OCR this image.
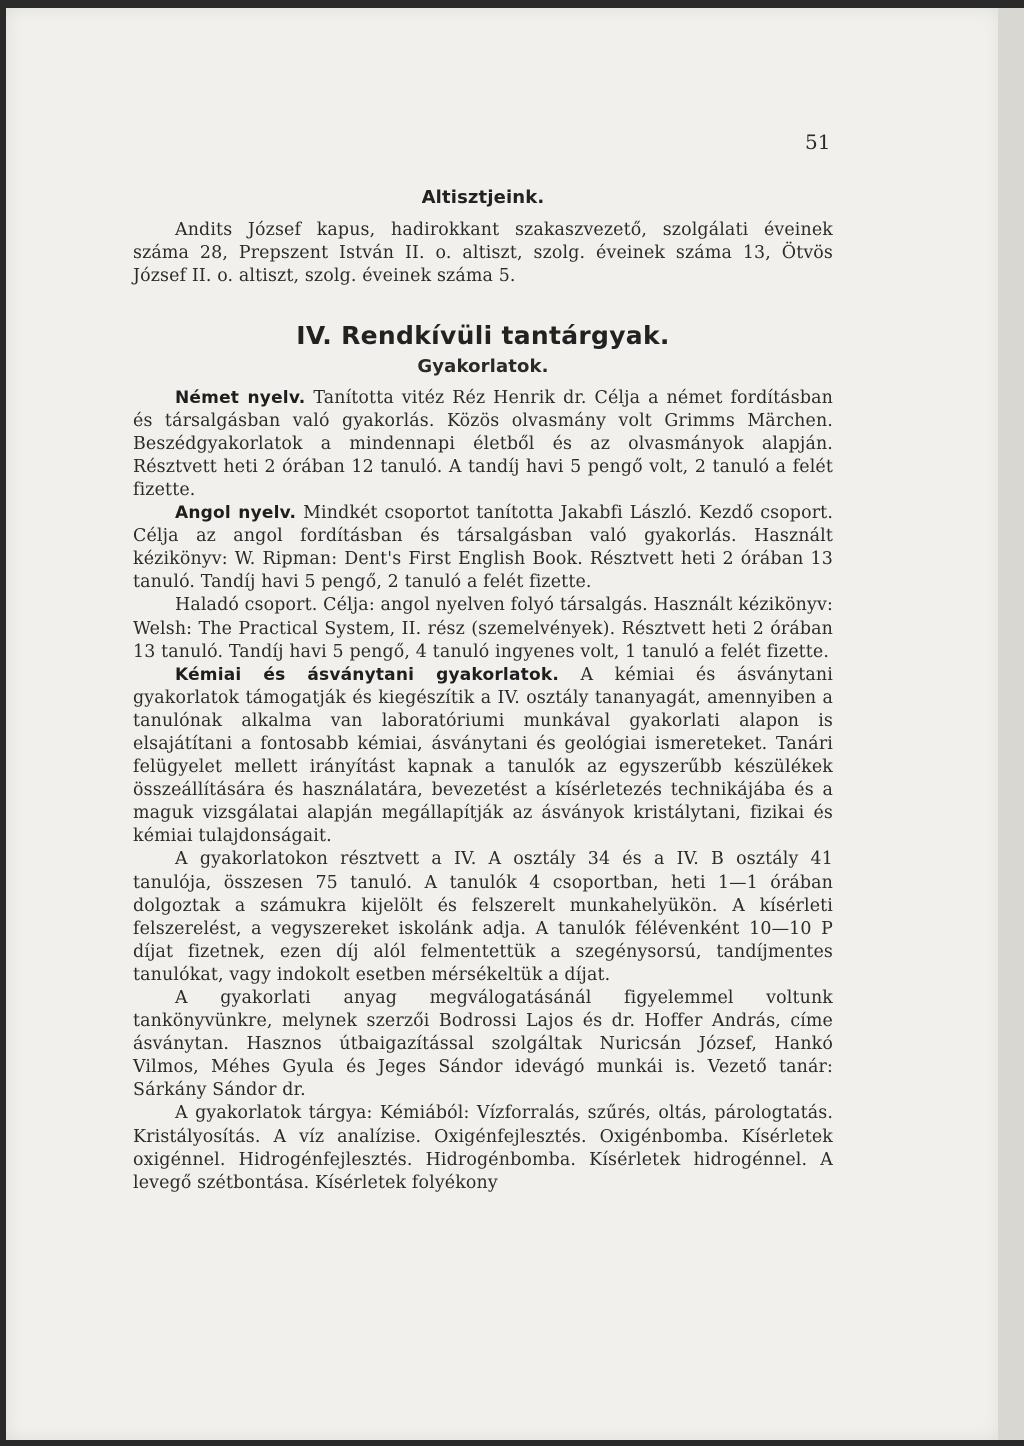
51
Altisztjeink.

Andits József kapus, hadirokkant szakaszvezető, szolgálati éveinek száma 28, Prepszent István II. o. altiszt, szolg. éveinek száma 13, Ötvös József II. o. altiszt, szolg. éveinek száma 5.

IV. Rendkívüli tantárgyak.
Gyakorlatok.

Német nyelv. Tanította vitéz Réz Henrik dr. Célja a német fordításban és társalgásban való gyakorlás. Közös olvasmány volt Grimms Märchen. Beszédgyakorlatok a mindennapi életből és az olvasmányok alapján. Résztvett heti 2 órában 12 tanuló. A tandíj havi 5 pengő volt, 2 tanuló a felét fizette.

Angol nyelv. Mindkét csoportot tanította Jakabfi László. Kezdő csoport. Célja az angol fordításban és társalgásban való gyakorlás. Használt kézikönyv: W. Ripman: Dent's First English Book. Résztvett heti 2 órában 13 tanuló. Tandíj havi 5 pengő, 2 tanuló a felét fizette.

Haladó csoport. Célja: angol nyelven folyó társalgás. Használt kézikönyv: Welsh: The Practical System, II. rész (szemelvények). Résztvett heti 2 órában 13 tanuló. Tandíj havi 5 pengő, 4 tanuló ingyenes volt, 1 tanuló a felét fizette.

Kémiai és ásványtani gyakorlatok. A kémiai és ásványtani gyakorlatok támogatják és kiegészítik a IV. osztály tananyagát, amennyiben a tanulónak alkalma van laboratóriumi munkával gyakorlati alapon is elsajátítani a fontosabb kémiai, ásványtani és geológiai ismereteket. Tanári felügyelet mellett irányítást kapnak a tanulók az egyszerűbb készülékek összeállítására és használatára, bevezetést a kísérletezés technikájába és a maguk vizsgálatai alapján megállapítják az ásványok kristálytani, fizikai és kémiai tulajdonságait.

A gyakorlatokon résztvett a IV. A osztály 34 és a IV. B osztály 41 tanulója, összesen 75 tanuló. A tanulók 4 csoportban, heti 1—1 órában dolgoztak a számukra kijelölt és felszerelt munkahelyükön. A kísérleti felszerelést, a vegyszereket iskolánk adja. A tanulók félévenként 10—10 P díjat fizetnek, ezen díj alól felmentettük a szegénysorsú, tandíjmentes tanulókat, vagy indokolt esetben mérsékeltük a díjat.

A gyakorlati anyag megválogatásánál figyelemmel voltunk tankönyvünkre, melynek szerzői Bodrossi Lajos és dr. Hoffer András, címe ásványtan. Hasznos útbaigazítással szolgáltak Nuricsán József, Hankó Vilmos, Méhes Gyula és Jeges Sándor idevágó munkái is. Vezető tanár: Sárkány Sándor dr.

A gyakorlatok tárgya: Kémiából: Vízforralás, szűrés, oltás, párologtatás. Kristályosítás. A víz analízise. Oxigénfejlesztés. Oxigénbomba. Kísérletek oxigénnel. Hidrogénfejlesztés. Hidrogénbomba. Kísérletek hidrogénnel. A levegő szétbontása. Kísérletek folyékony
